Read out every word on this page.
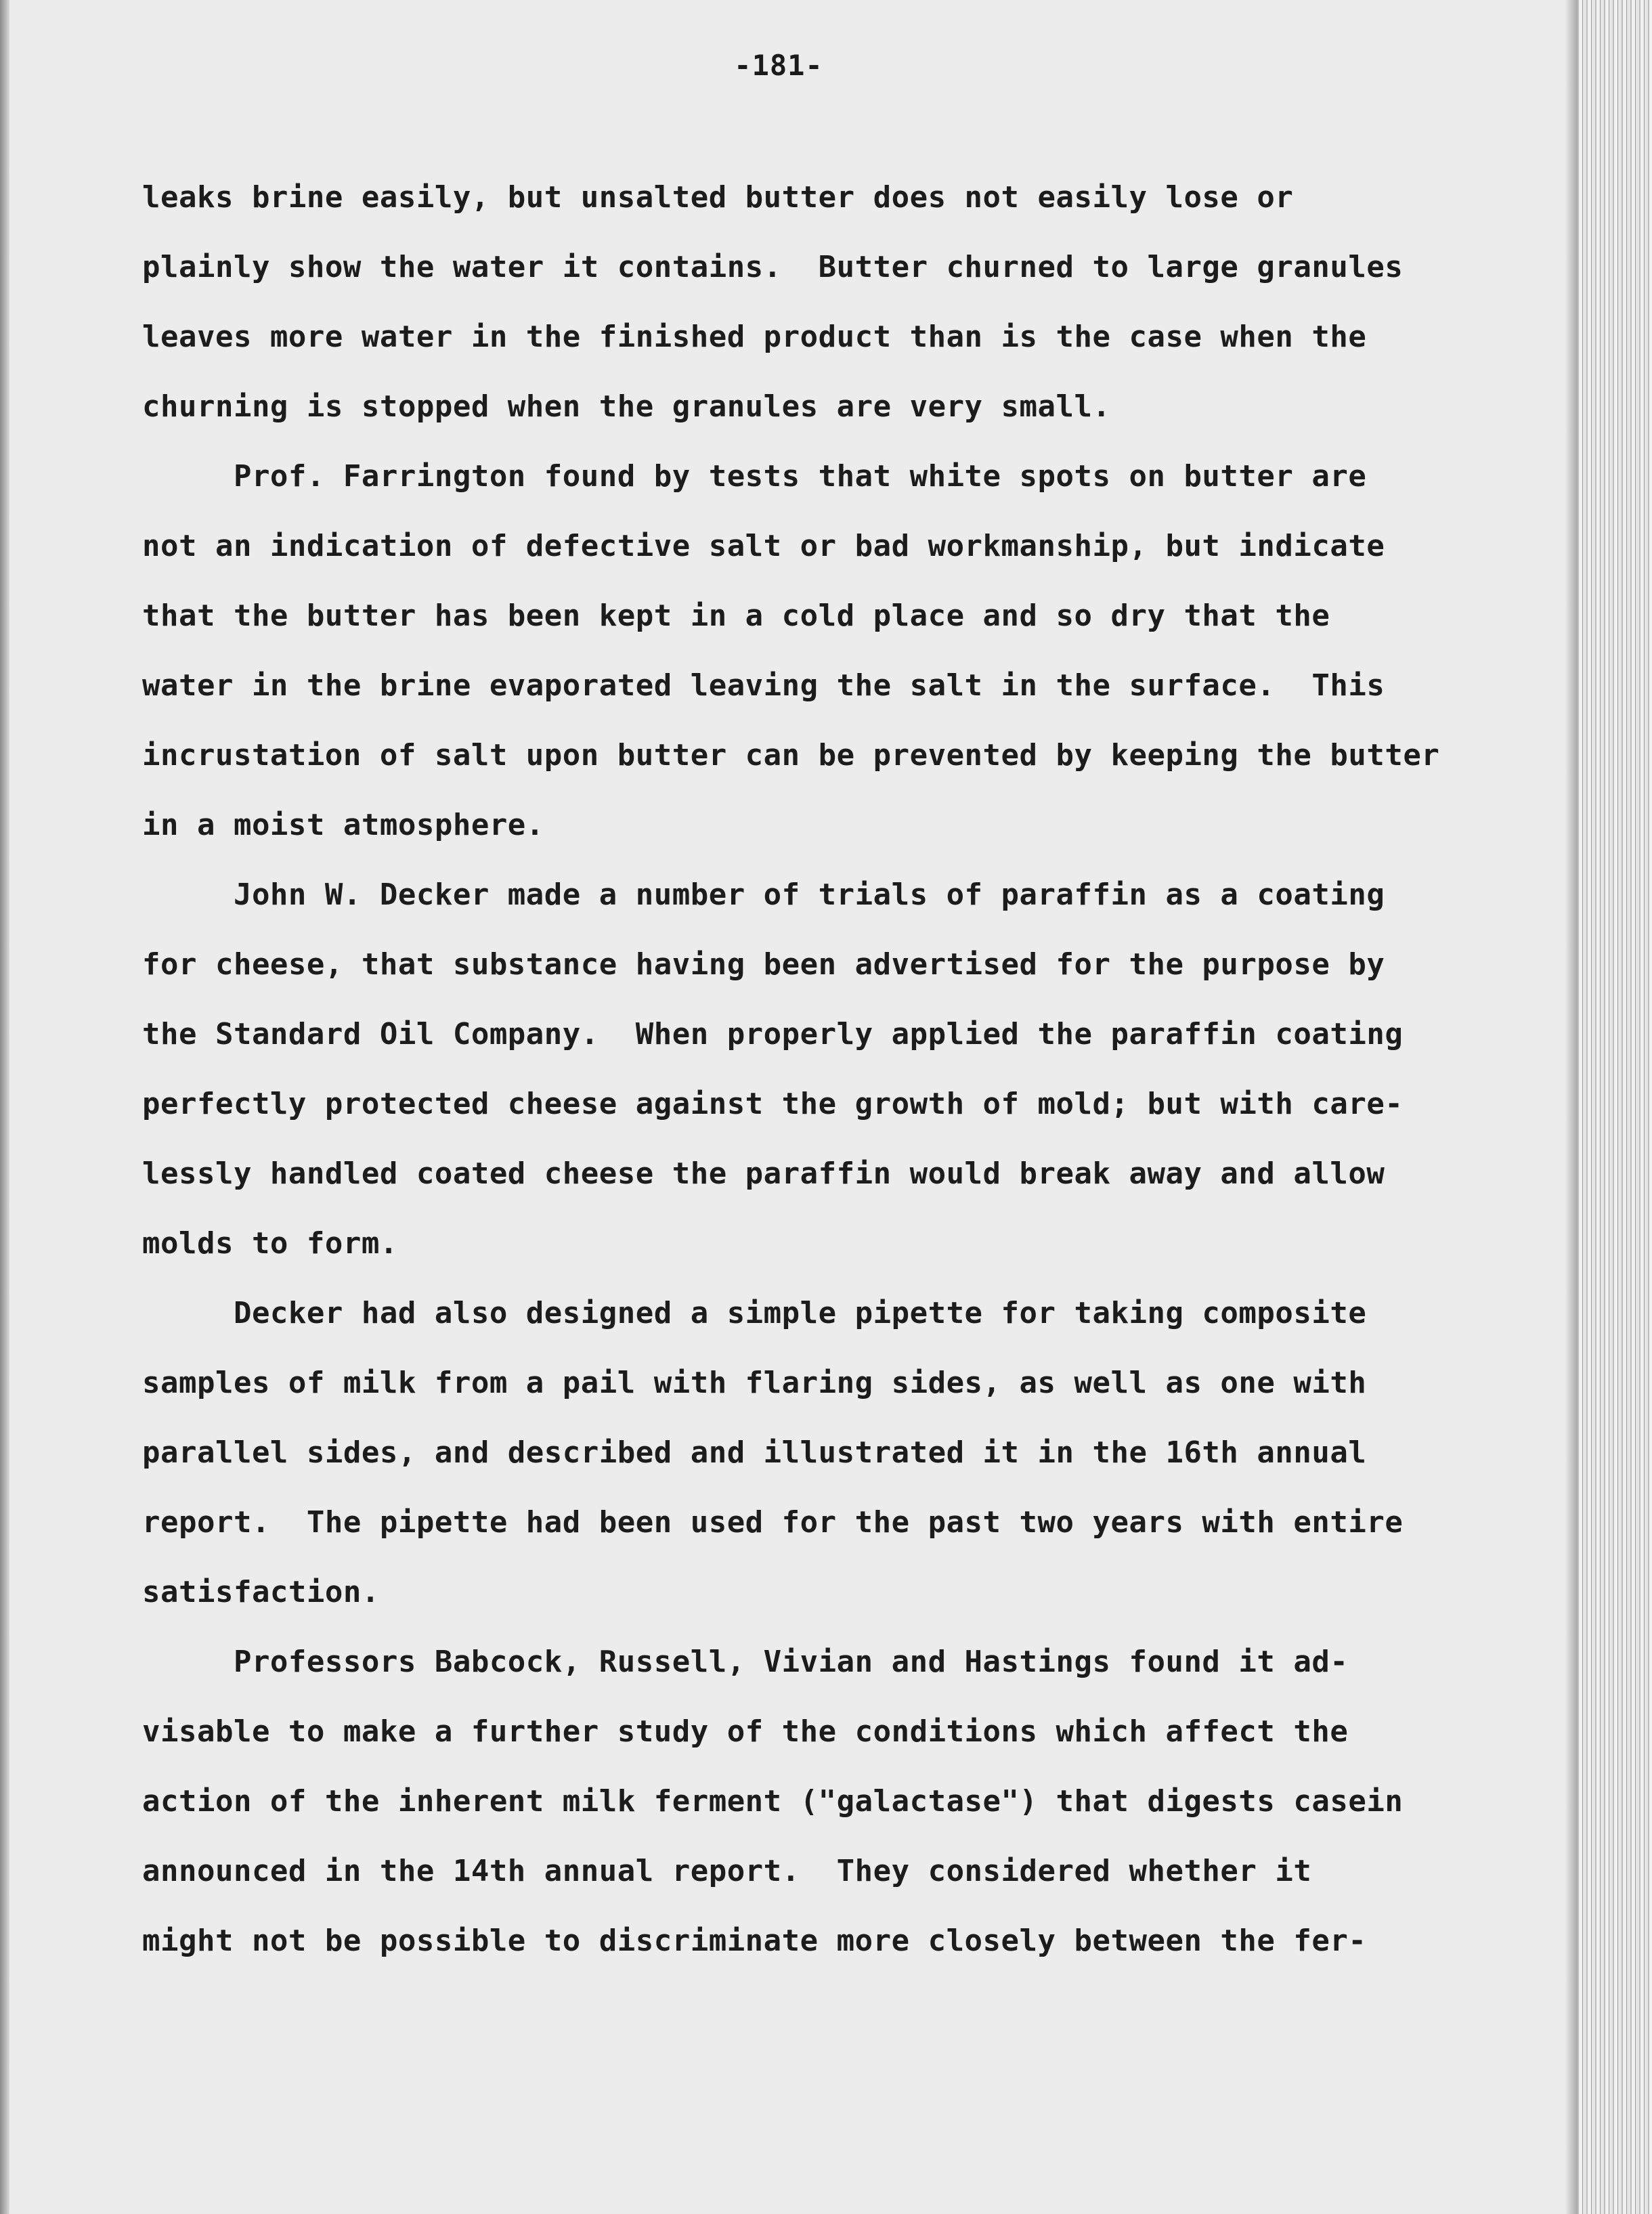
-181-
leaks brine easily, but unsalted butter does not easily lose or
plainly show the water it contains.  Butter churned to large granules
leaves more water in the finished product than is the case when the
churning is stopped when the granules are very small.
Prof. Farrington found by tests that white spots on butter are
not an indication of defective salt or bad workmanship, but indicate
that the butter has been kept in a cold place and so dry that the
water in the brine evaporated leaving the salt in the surface.  This
incrustation of salt upon butter can be prevented by keeping the butter
in a moist atmosphere.
John W. Decker made a number of trials of paraffin as a coating
for cheese, that substance having been advertised for the purpose by
the Standard Oil Company.  When properly applied the paraffin coating
perfectly protected cheese against the growth of mold; but with care-
lessly handled coated cheese the paraffin would break away and allow
molds to form.
Decker had also designed a simple pipette for taking composite
samples of milk from a pail with flaring sides, as well as one with
parallel sides, and described and illustrated it in the 16th annual
report.  The pipette had been used for the past two years with entire
satisfaction.
Professors Babcock, Russell, Vivian and Hastings found it ad-
visable to make a further study of the conditions which affect the
action of the inherent milk ferment ("galactase") that digests casein
announced in the 14th annual report.  They considered whether it
might not be possible to discriminate more closely between the fer-
